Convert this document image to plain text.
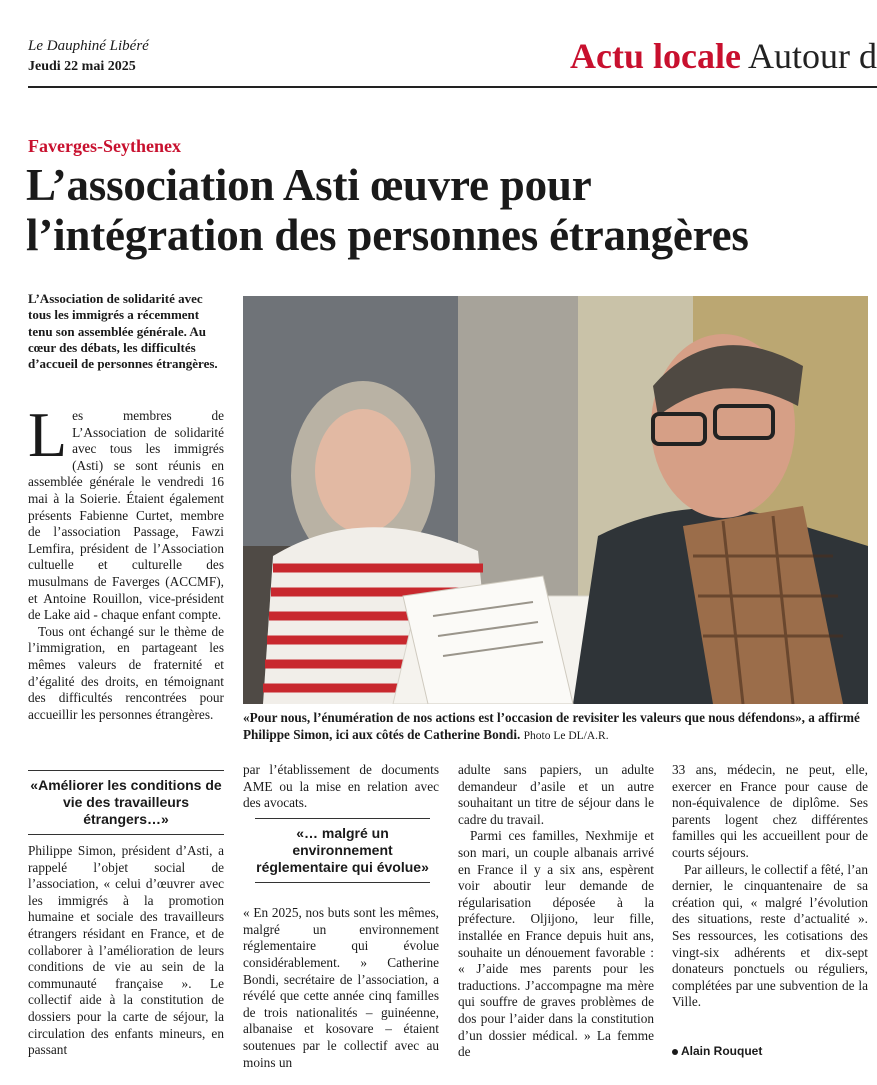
Le Dauphiné Libéré
Jeudi 22 mai 2025	Actu locale Autour d
Faverges-Seythenex
L’association Asti œuvre pour
l’intégration des personnes étrangères
L’Association de solidarité avec tous les immigrés a récemment tenu son assemblée générale. Au cœur des débats, les difficultés d’accueil de personnes étrangères.
L es membres de L’Association de solidarité avec tous les immigrés (Asti) se sont réunis en assemblée générale le vendredi 16 mai à la Soierie. Étaient également présents Fabienne Curtet, membre de l’association Passage, Fawzi Lemfira, président de l’Association cultuelle et culturelle des musulmans de Faverges (ACCMF), et Antoine Rouillon, vice-président de Lake aid - chaque enfant compte.

Tous ont échangé sur le thème de l’immigration, en partageant les mêmes valeurs de fraternité et d’égalité des droits, en témoignant des difficultés rencontrées pour accueillir les personnes étrangères.

«Améliorer les conditions de vie des travailleurs étrangers…»

Philippe Simon, président d’Asti, a rappelé l’objet social de l’association, « celui d’œuvrer avec les immigrés à la promotion humaine et sociale des travailleurs étrangers résidant en France, et de collaborer à l’amélioration de leurs conditions de vie au sein de la communauté française ». Le collectif aide à la constitution de dossiers pour la carte de séjour, la circulation des enfants mineurs, en passant

«Pour nous, l’énumération de nos actions est l’occasion de revisiter les valeurs que nous défendons», a affirmé Philippe Simon, ici aux côtés de Catherine Bondi. Photo Le DL/A.R.

par l’établissement de documents AME ou la mise en relation avec des avocats.

«… malgré un environnement réglementaire qui évolue»

« En 2025, nos buts sont les mêmes, malgré un environnement réglementaire qui évolue considérablement. » Catherine Bondi, secrétaire de l’association, a révélé que cette année cinq familles de trois nationalités – guinéenne, albanaise et kosovare – étaient soutenues par le collectif avec au moins un

adulte sans papiers, un adulte demandeur d’asile et un autre souhaitant un titre de séjour dans le cadre du travail.

Parmi ces familles, Nexhmije et son mari, un couple albanais arrivé en France il y a six ans, espèrent voir aboutir leur demande de régularisation déposée à la préfecture. Oljijono, leur fille, installée en France depuis huit ans, souhaite un dénouement favorable : « J’aide mes parents pour les traductions. J’accompagne ma mère qui souffre de graves problèmes de dos pour l’aider dans la constitution d’un dossier médical. » La femme de

33 ans, médecin, ne peut, elle, exercer en France pour cause de non-équivalence de diplôme. Ses parents logent chez différentes familles qui les accueillent pour de courts séjours.

Par ailleurs, le collectif a fêté, l’an dernier, le cinquantenaire de sa création qui, « malgré l’évolution des situations, reste d’actualité ». Ses ressources, les cotisations des vingt-six adhérents et dix-sept donateurs ponctuels ou réguliers, complétées par une subvention de la Ville.

Alain Rouquet
